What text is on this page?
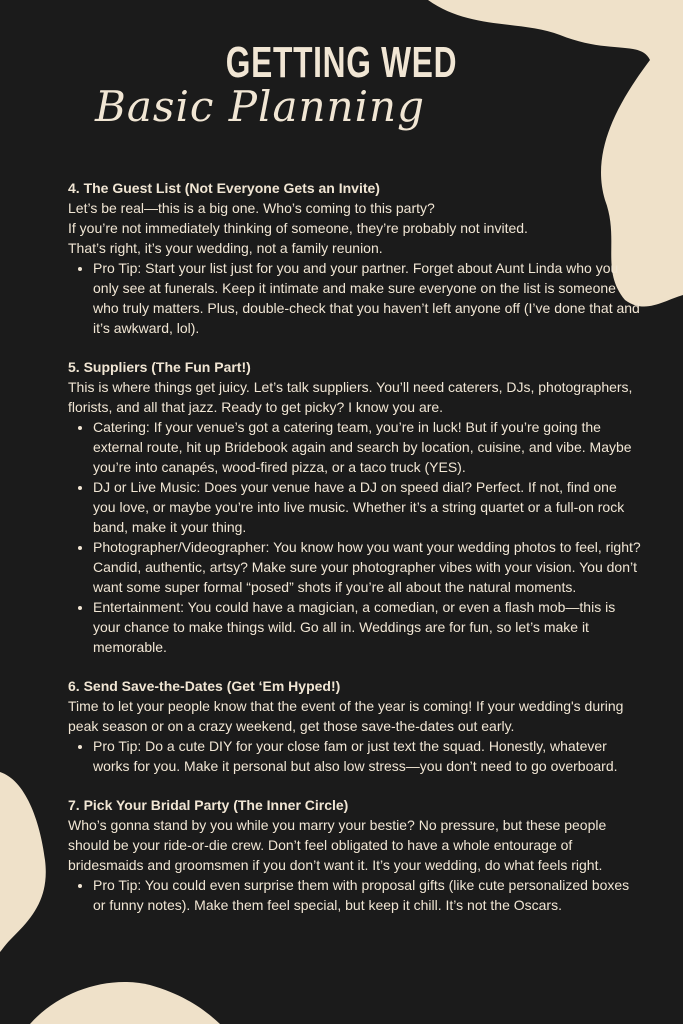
GETTING WED
Basic Planning
4. The Guest List (Not Everyone Gets an Invite)

Let’s be real—this is a big one. Who’s coming to this party?
If you’re not immediately thinking of someone, they’re probably not invited.
That’s right, it’s your wedding, not a family reunion.

• Pro Tip: Start your list just for you and your partner. Forget about Aunt Linda who you only see at funerals. Keep it intimate and make sure everyone on the list is someone who truly matters. Plus, double-check that you haven’t left anyone off (I’ve done that and it’s awkward, lol).
5. Suppliers (The Fun Part!)

This is where things get juicy. Let’s talk suppliers. You’ll need caterers, DJs, photographers, florists, and all that jazz. Ready to get picky? I know you are.

• Catering: If your venue’s got a catering team, you’re in luck! But if you’re going the external route, hit up Bridebook again and search by location, cuisine, and vibe. Maybe you’re into canapés, wood-fired pizza, or a taco truck (YES).
• DJ or Live Music: Does your venue have a DJ on speed dial? Perfect. If not, find one you love, or maybe you’re into live music. Whether it’s a string quartet or a full-on rock band, make it your thing.
• Photographer/Videographer: You know how you want your wedding photos to feel, right? Candid, authentic, artsy? Make sure your photographer vibes with your vision. You don’t want some super formal “posed” shots if you’re all about the natural moments.
• Entertainment: You could have a magician, a comedian, or even a flash mob—this is your chance to make things wild. Go all in. Weddings are for fun, so let’s make it memorable.
6. Send Save-the-Dates (Get ‘Em Hyped!)

Time to let your people know that the event of the year is coming! If your wedding's during peak season or on a crazy weekend, get those save-the-dates out early.

• Pro Tip: Do a cute DIY for your close fam or just text the squad. Honestly, whatever works for you. Make it personal but also low stress—you don’t need to go overboard.
7. Pick Your Bridal Party (The Inner Circle)

Who’s gonna stand by you while you marry your bestie? No pressure, but these people should be your ride-or-die crew. Don’t feel obligated to have a whole entourage of bridesmaids and groomsmen if you don’t want it. It’s your wedding, do what feels right.

• Pro Tip: You could even surprise them with proposal gifts (like cute personalized boxes or funny notes). Make them feel special, but keep it chill. It’s not the Oscars.
